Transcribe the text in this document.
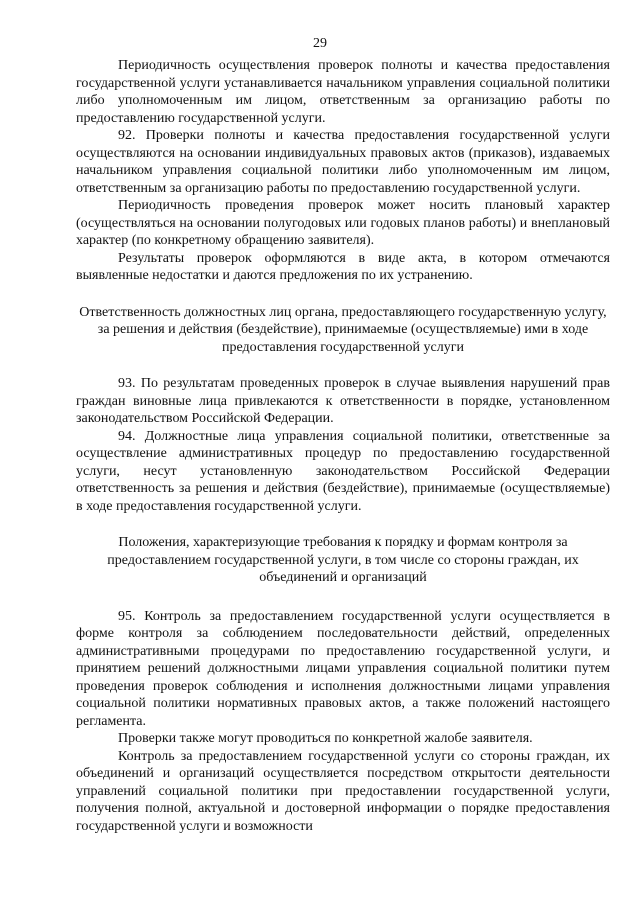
29

Периодичность осуществления проверок полноты и качества предоставления государственной услуги устанавливается начальником управления социальной политики либо уполномоченным им лицом, ответственным за организацию работы по предоставлению государственной услуги.

92. Проверки полноты и качества предоставления государственной услуги осуществляются на основании индивидуальных правовых актов (приказов), издаваемых начальником управления социальной политики либо уполномоченным им лицом, ответственным за организацию работы по предоставлению государственной услуги.

Периодичность проведения проверок может носить плановый характер (осуществляться на основании полугодовых или годовых планов работы) и внеплановый характер (по конкретному обращению заявителя).

Результаты проверок оформляются в виде акта, в котором отмечаются выявленные недостатки и даются предложения по их устранению.

Ответственность должностных лиц органа, предоставляющего государственную услугу, за решения и действия (бездействие), принимаемые (осуществляемые) ими в ходе предоставления государственной услуги

93. По результатам проведенных проверок в случае выявления нарушений прав граждан виновные лица привлекаются к ответственности в порядке, установленном законодательством Российской Федерации.

94. Должностные лица управления социальной политики, ответственные за осуществление административных процедур по предоставлению государственной услуги, несут установленную законодательством Российской Федерации ответственность за решения и действия (бездействие), принимаемые (осуществляемые) в ходе предоставления государственной услуги.

Положения, характеризующие требования к порядку и формам контроля за предоставлением государственной услуги, в том числе со стороны граждан, их объединений и организаций

95. Контроль за предоставлением государственной услуги осуществляется в форме контроля за соблюдением последовательности действий, определенных административными процедурами по предоставлению государственной услуги, и принятием решений должностными лицами управления социальной политики путем проведения проверок соблюдения и исполнения должностными лицами управления социальной политики нормативных правовых актов, а также положений настоящего регламента.

Проверки также могут проводиться по конкретной жалобе заявителя.

Контроль за предоставлением государственной услуги со стороны граждан, их объединений и организаций осуществляется посредством открытости деятельности управлений социальной политики при предоставлении государственной услуги, получения полной, актуальной и достоверной информации о порядке предоставления государственной услуги и возможности
